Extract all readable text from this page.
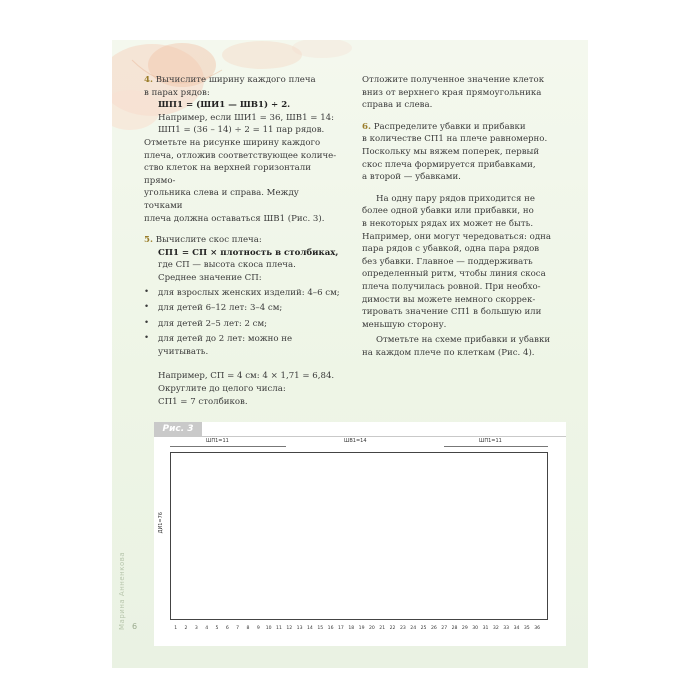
4. Вычислите ширину каждого плеча

в парах рядов:

ШП1 = (ШИ1 — ШВ1) ÷ 2.

Например, если ШИ1 = 36, ШВ1 = 14:

ШП1 = (36 – 14) ÷ 2 = 11 пар рядов.

Отметьте на рисунке ширину каждого

плеча, отложив соответствующее количе-

ство клеток на верхней горизонтали прямо-

угольника слева и справа. Между точками

плеча должна оставаться ШВ1 (Рис. 3).

5. Вычислите скос плеча:

СП1 = СП × плотность в столбиках,

где СП — высота скоса плеча.

Среднее значение СП:

• для взрослых женских изделий: 4–6 см;
• для детей 6–12 лет: 3–4 см;
• для детей 2–5 лет: 2 см;
• для детей до 2 лет: можно не учитывать.

Например, СП = 4 см: 4 × 1,71 = 6,84.

Округлите до целого числа:

СП1 = 7 столбиков.

Отложите полученное значение клеток

вниз от верхнего края прямоугольника

справа и слева.

6. Распределите убавки и прибавки

в количестве СП1 на плече равномерно.

Поскольку мы вяжем поперек, первый

скос плеча формируется прибавками,

а второй — убавками.

На одну пару рядов приходится не

более одной убавки или прибавки, но

в некоторых рядах их может не быть.

Например, они могут чередоваться: одна

пара рядов с убавкой, одна пара рядов

без убавки. Главное — поддерживать

определенный ритм, чтобы линия скоса

плеча получилась ровной. При необхо-

димости вы можете немного скоррек-

тировать значение СП1 в большую или

меньшую сторону.

Отметьте на схеме прибавки и убавки

на каждом плече по клеткам (Рис. 4).

Марина Анненкова 6
Рис. 3
ШП1=11	ШВ1=14	ШП1=11
ДИ1=76
1	2	3	4	5	6	7	8	9	10 11 12 13 14 15 16 17 18 19 20 21 22 23 24 25 26 27 28 29 30 31 32 33 34 35 36
